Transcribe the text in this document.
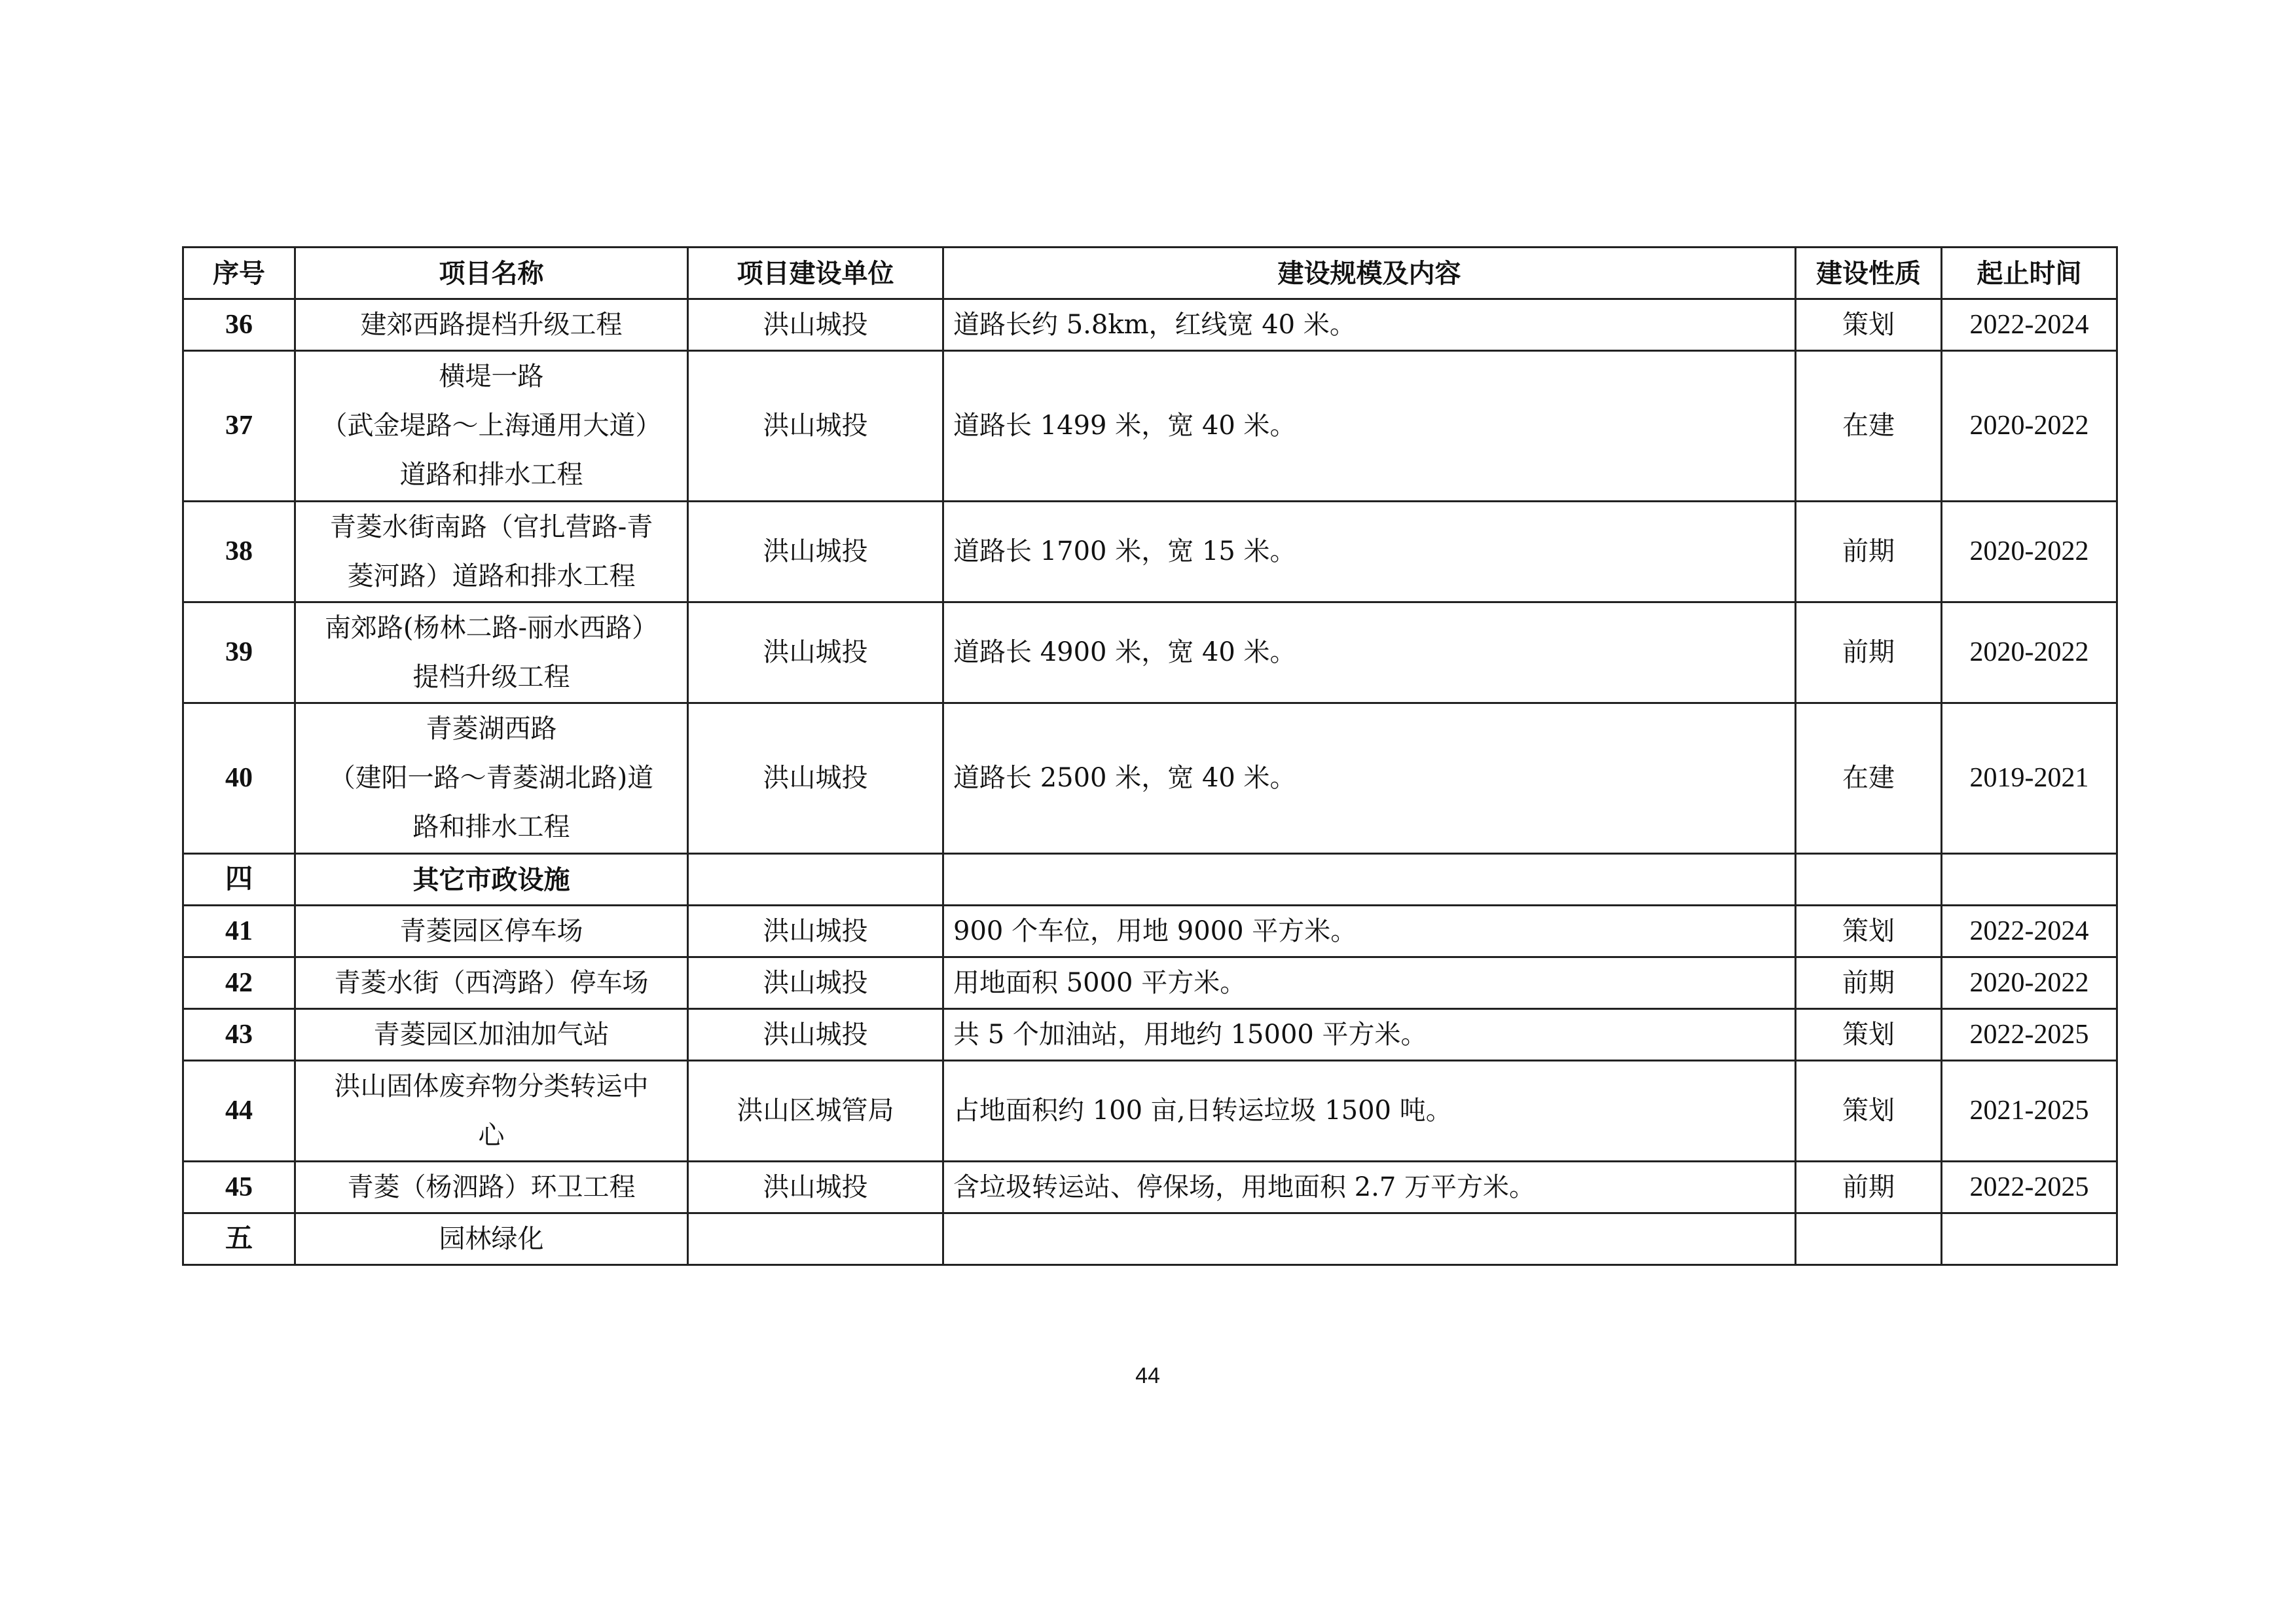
序号	项目名称	项目建设单位	建设规模及内容	建设性质	起止时间
36	建郊西路提档升级工程	洪山城投	道路长约 5.8km，红线宽 40 米。	策划	2022-2024
37	横堤一路
（武金堤路～上海通用大道）
道路和排水工程	洪山城投	道路长 1499 米，宽 40 米。	在建	2020-2022
38	青菱水街南路（官扎营路-青
菱河路）道路和排水工程	洪山城投	道路长 1700 米，宽 15 米。	前期	2020-2022
39	南郊路(杨林二路-丽水西路）
提档升级工程	洪山城投	道路长 4900 米，宽 40 米。	前期	2020-2022
40	青菱湖西路
（建阳一路～青菱湖北路)道
路和排水工程	洪山城投	道路长 2500 米，宽 40 米。	在建	2019-2021
四	其它市政设施				

41	青菱园区停车场	洪山城投	900 个车位，用地 9000 平方米。	策划	2022-2024
42	青菱水街（西湾路）停车场	洪山城投	用地面积 5000 平方米。	前期	2020-2022
43	青菱园区加油加气站	洪山城投	共 5 个加油站，用地约 15000 平方米。	策划	2022-2025
44	洪山固体废弃物分类转运中
心	洪山区城管局	占地面积约 100 亩,日转运垃圾 1500 吨。	策划	2021-2025
45	青菱（杨泗路）环卫工程	洪山城投	含垃圾转运站、停保场，用地面积 2.7 万平方米。	前期	2022-2025
五	园林绿化				

44
